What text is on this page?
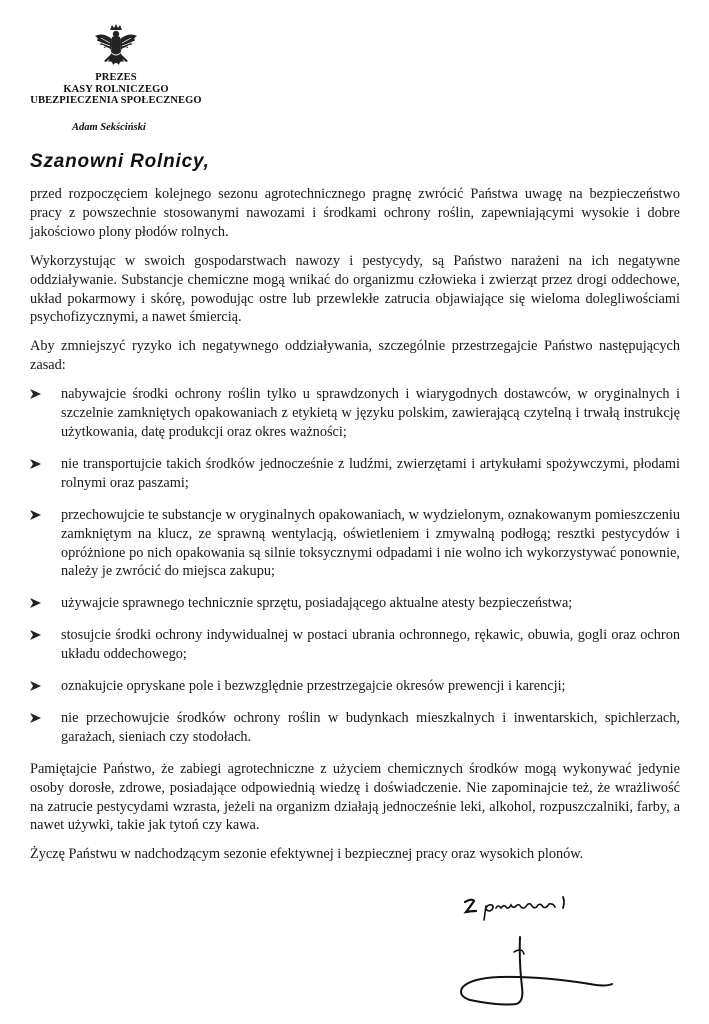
PREZES
KASY ROLNICZEGO
UBEZPIECZENIA SPOŁECZNEGO
Adam Sekściński
Szanowni Rolnicy,

przed rozpoczęciem kolejnego sezonu agrotechnicznego pragnę zwrócić Państwa uwagę na bezpieczeństwo pracy z powszechnie stosowanymi nawozami i środkami ochrony roślin, zapewniającymi wysokie i dobre jakościowo plony płodów rolnych.

Wykorzystując w swoich gospodarstwach nawozy i pestycydy, są Państwo narażeni na ich negatywne oddziaływanie. Substancje chemiczne mogą wnikać do organizmu człowieka i zwierząt przez drogi oddechowe, układ pokarmowy i skórę, powodując ostre lub przewlekłe zatrucia objawiające się wieloma dolegliwościami psychofizycznymi, a nawet śmiercią.

Aby zmniejszyć ryzyko ich negatywnego oddziaływania, szczególnie przestrzegajcie Państwo następujących zasad:

nabywajcie środki ochrony roślin tylko u sprawdzonych i wiarygodnych dostawców, w oryginalnych i szczelnie zamkniętych opakowaniach z etykietą w języku polskim, zawierającą czytelną i trwałą instrukcję użytkowania, datę produkcji oraz okres ważności;
nie transportujcie takich środków jednocześnie z ludźmi, zwierzętami i artykułami spożywczymi, płodami rolnymi oraz paszami;
przechowujcie te substancje w oryginalnych opakowaniach, w wydzielonym, oznakowanym pomieszczeniu zamkniętym na klucz, ze sprawną wentylacją, oświetleniem i zmywalną podłogą; resztki pestycydów i opróżnione po nich opakowania są silnie toksycznymi odpadami i nie wolno ich wykorzystywać ponownie, należy je zwrócić do miejsca zakupu;
używajcie sprawnego technicznie sprzętu, posiadającego aktualne atesty bezpieczeństwa;
stosujcie środki ochrony indywidualnej w postaci ubrania ochronnego, rękawic, obuwia, gogli oraz ochron układu oddechowego;
oznakujcie opryskane pole i bezwzględnie przestrzegajcie okresów prewencji i karencji;
nie przechowujcie środków ochrony roślin w budynkach mieszkalnych i inwentarskich, spichlerzach, garażach, sieniach czy stodołach.

Pamiętajcie Państwo, że zabiegi agrotechniczne z użyciem chemicznych środków mogą wykonywać jedynie osoby dorosłe, zdrowe, posiadające odpowiednią wiedzę i doświadczenie. Nie zapominajcie też, że wrażliwość na zatrucie pestycydami wzrasta, jeżeli na organizm działają jednocześnie leki, alkohol, rozpuszczalniki, farby, a nawet używki, takie jak tytoń czy kawa.

Życzę Państwu w nadchodzącym sezonie efektywnej i bezpiecznej pracy oraz wysokich plonów.
